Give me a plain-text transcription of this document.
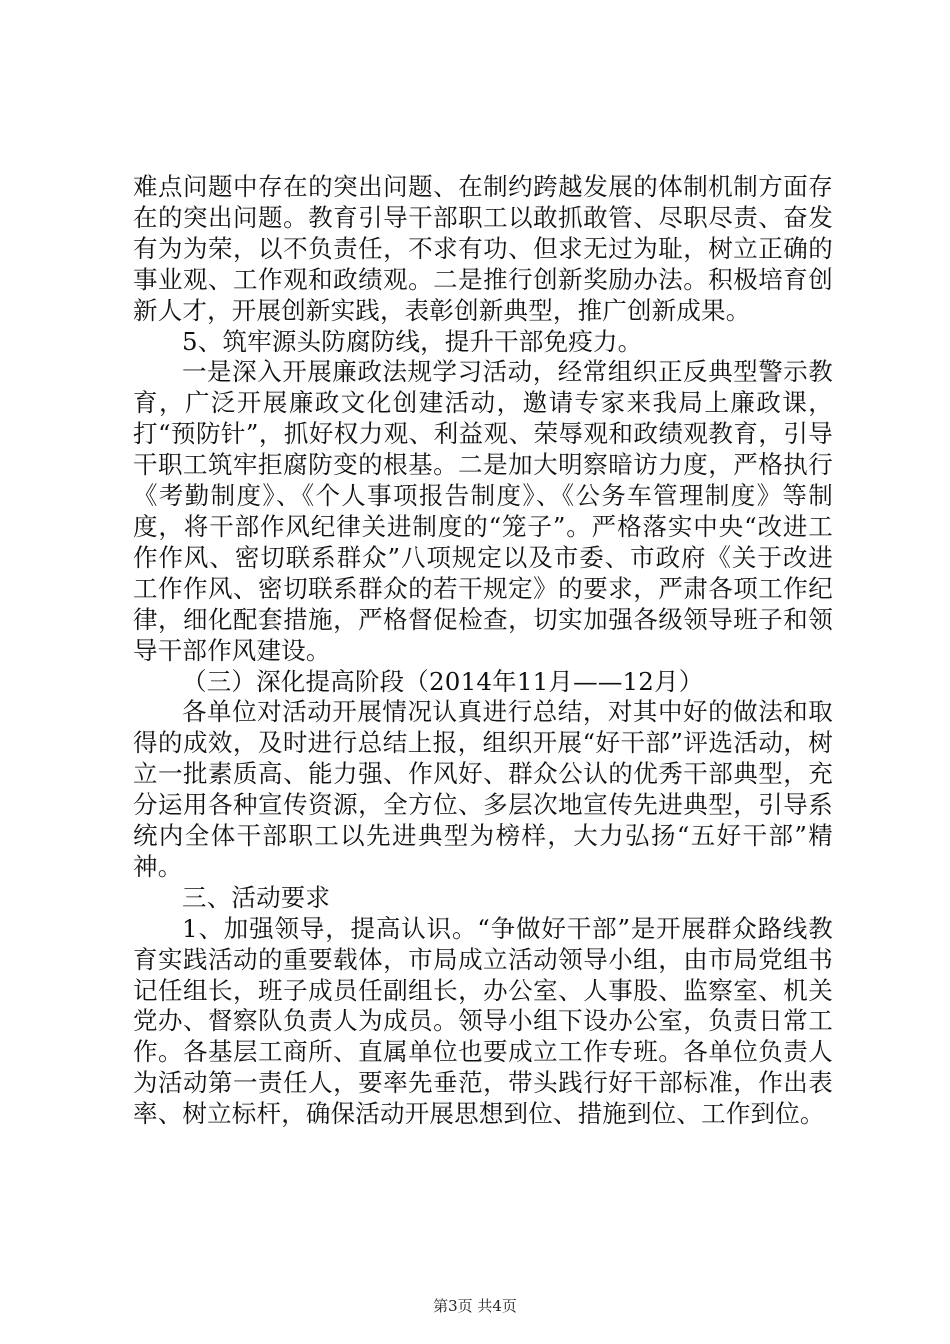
难点问题中存在的突出问题、在制约跨越发展的体制机制方面存在的突出问题。教育引导干部职工以敢抓敢管、尽职尽责、奋发有为为荣，以不负责任，不求有功、但求无过为耻，树立正确的事业观、工作观和政绩观。二是推行创新奖励办法。积极培育创新人才，开展创新实践，表彰创新典型，推广创新成果。

5、筑牢源头防腐防线，提升干部免疫力。

一是深入开展廉政法规学习活动，经常组织正反典型警示教育，广泛开展廉政文化创建活动，邀请专家来我局上廉政课，打“预防针”，抓好权力观、利益观、荣辱观和政绩观教育，引导干职工筑牢拒腐防变的根基。二是加大明察暗访力度，严格执行《考勤制度》、《个人事项报告制度》、《公务车管理制度》等制度，将干部作风纪律关进制度的“笼子”。严格落实中央“改进工作作风、密切联系群众”八项规定以及市委、市政府《关于改进工作作风、密切联系群众的若干规定》的要求，严肃各项工作纪律，细化配套措施，严格督促检查，切实加强各级领导班子和领导干部作风建设。

（三）深化提高阶段（2014年11月——12月）

各单位对活动开展情况认真进行总结，对其中好的做法和取得的成效，及时进行总结上报，组织开展“好干部”评选活动，树立一批素质高、能力强、作风好、群众公认的优秀干部典型，充分运用各种宣传资源，全方位、多层次地宣传先进典型，引导系统内全体干部职工以先进典型为榜样，大力弘扬“五好干部”精神。

三、活动要求

1、加强领导，提高认识。“争做好干部”是开展群众路线教育实践活动的重要载体，市局成立活动领导小组，由市局党组书记任组长，班子成员任副组长，办公室、人事股、监察室、机关党办、督察队负责人为成员。领导小组下设办公室，负责日常工作。各基层工商所、直属单位也要成立工作专班。各单位负责人为活动第一责任人，要率先垂范，带头践行好干部标准，作出表率、树立标杆，确保活动开展思想到位、措施到位、工作到位。

第3页 共4页
